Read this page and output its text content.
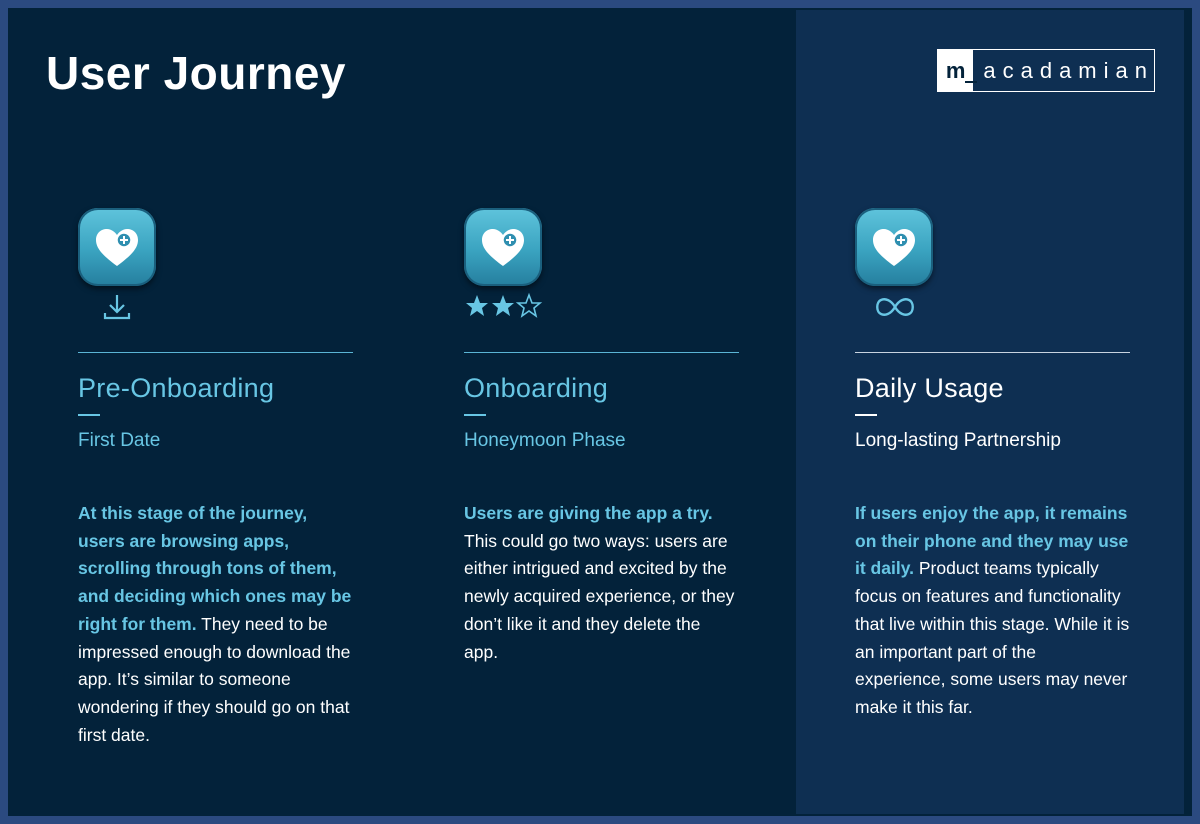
User Journey	m acadamian
Pre-Onboarding
First Date
At this stage of the journey, users are browsing apps, scrolling through tons of them, and deciding which ones may be right for them. They need to be impressed enough to download the app. It’s similar to someone wondering if they should go on that first date.
Onboarding
Honeymoon Phase
Users are giving the app a try. This could go two ways: users are either intrigued and excited by the newly acquired experience, or they don’t like it and they delete the app.
Daily Usage
Long-lasting Partnership
If users enjoy the app, it remains on their phone and they may use it daily. Product teams typically focus on features and functionality that live within this stage. While it is an important part of the experience, some users may never make it this far.
